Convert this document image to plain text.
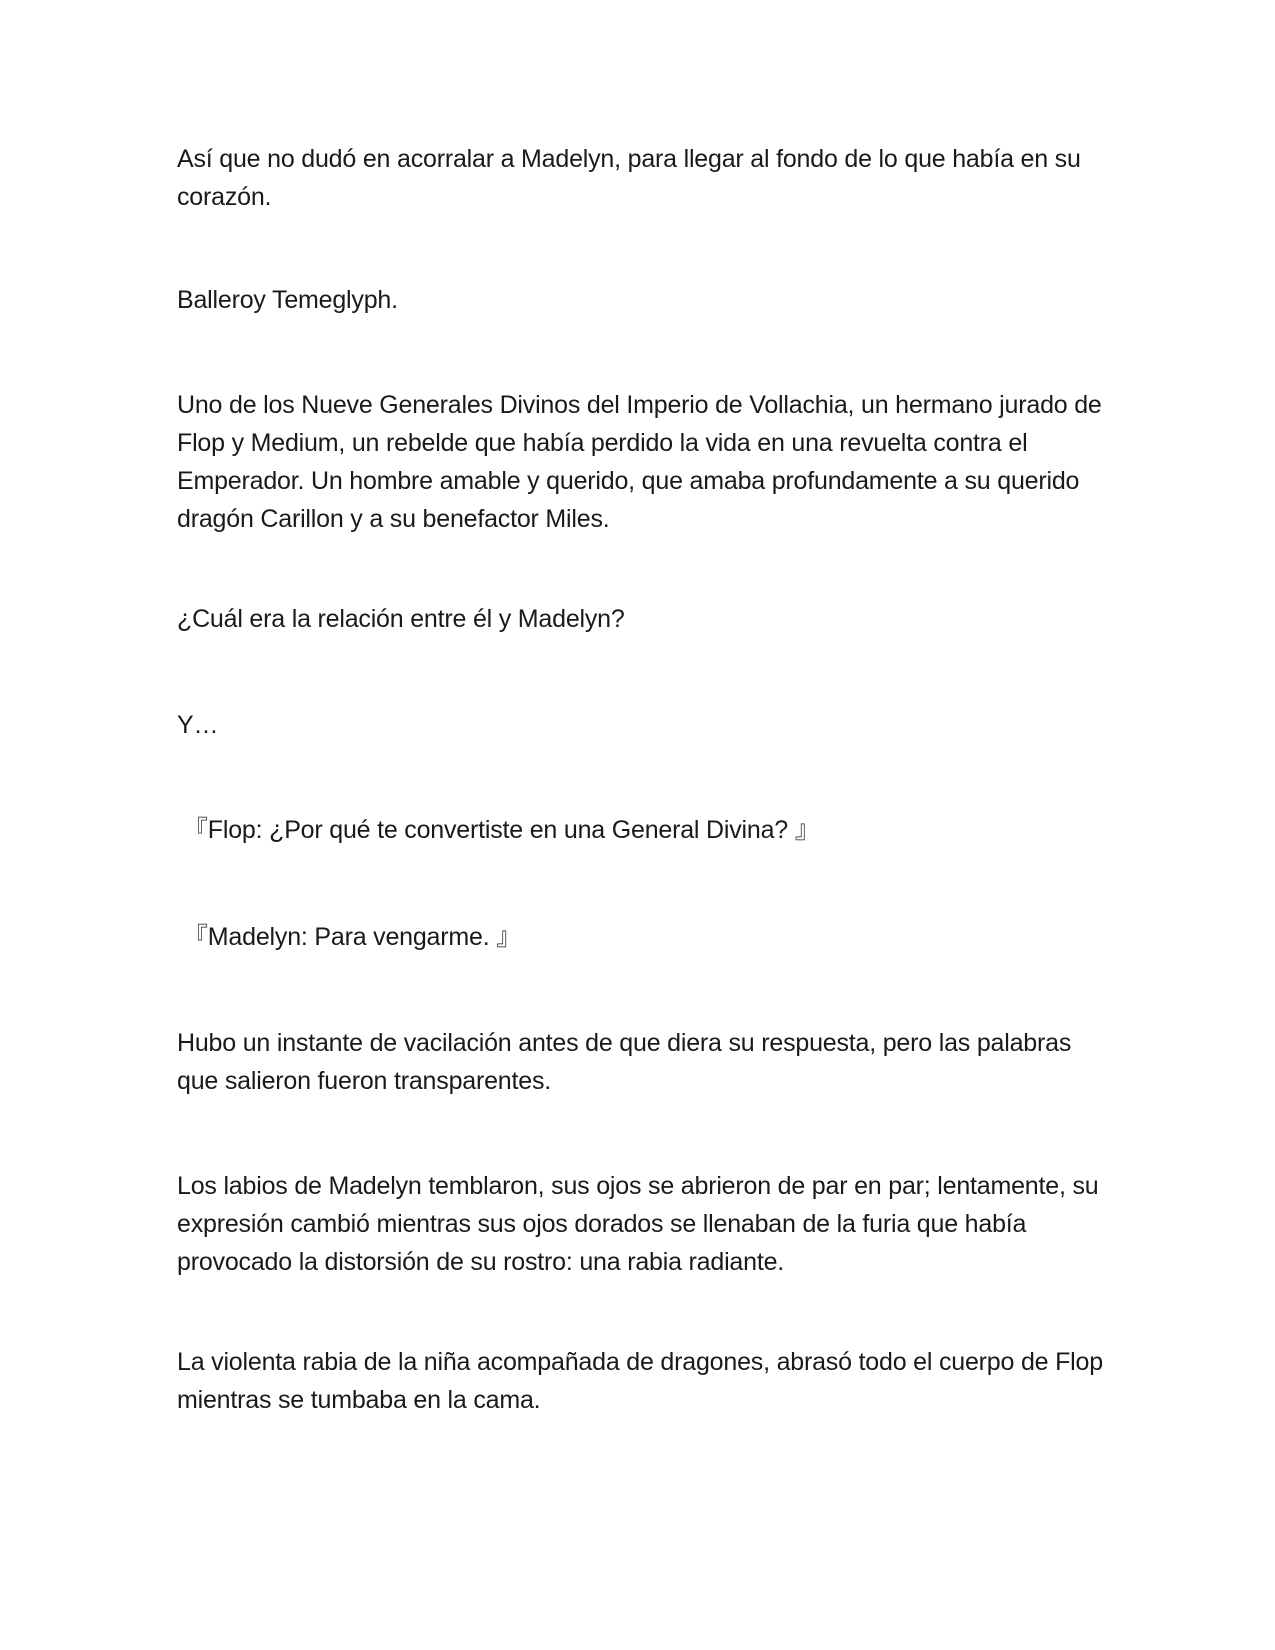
Así que no dudó en acorralar a Madelyn, para llegar al fondo de lo que había en su corazón.

Balleroy Temeglyph.

Uno de los Nueve Generales Divinos del Imperio de Vollachia, un hermano jurado de Flop y Medium, un rebelde que había perdido la vida en una revuelta contra el Emperador. Un hombre amable y querido, que amaba profundamente a su querido dragón Carillon y a su benefactor Miles.

¿Cuál era la relación entre él y Madelyn?

Y…

『Flop: ¿Por qué te convertiste en una General Divina? 』

『Madelyn: Para vengarme. 』

Hubo un instante de vacilación antes de que diera su respuesta, pero las palabras que salieron fueron transparentes.

Los labios de Madelyn temblaron, sus ojos se abrieron de par en par; lentamente, su expresión cambió mientras sus ojos dorados se llenaban de la furia que había provocado la distorsión de su rostro: una rabia radiante.

La violenta rabia de la niña acompañada de dragones, abrasó todo el cuerpo de Flop mientras se tumbaba en la cama.
